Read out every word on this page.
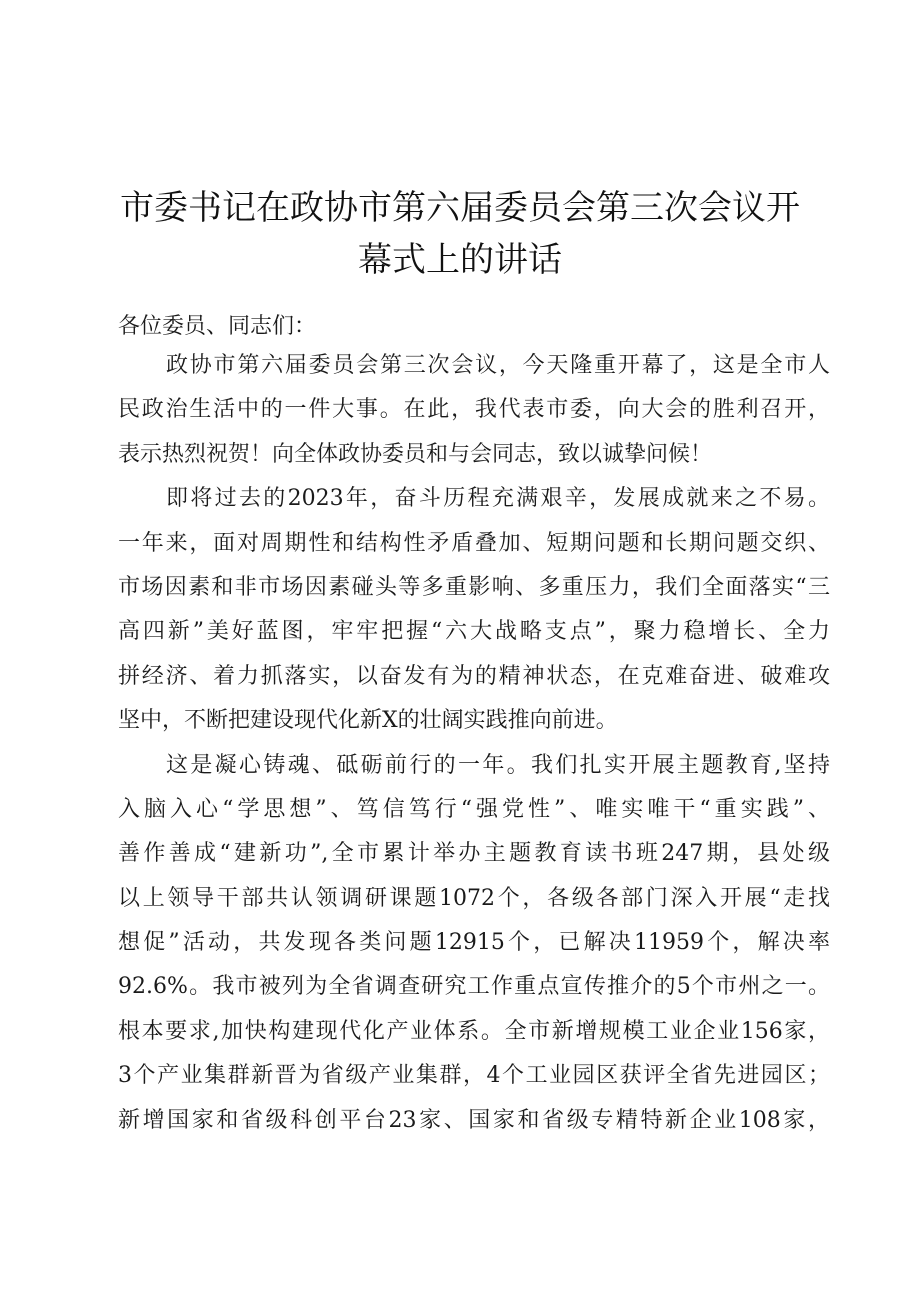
市委书记在政协市第六届委员会第三次会议开
幕式上的讲话
各位委员、同志们：
政协市第六届委员会第三次会议，今天隆重开幕了，这是全市人
民政治生活中的一件大事。在此，我代表市委，向大会的胜利召开，
表示热烈祝贺！向全体政协委员和与会同志，致以诚挚问候！
即将过去的2023年，奋斗历程充满艰辛，发展成就来之不易。
一年来，面对周期性和结构性矛盾叠加、短期问题和长期问题交织、
市场因素和非市场因素碰头等多重影响、多重压力，我们全面落实“三
高四新”美好蓝图，牢牢把握“六大战略支点”，聚力稳增长、全力
拼经济、着力抓落实，以奋发有为的精神状态，在克难奋进、破难攻
坚中，不断把建设现代化新X的壮阔实践推向前进。
这是凝心铸魂、砥砺前行的一年。我们扎实开展主题教育,坚持
入脑入心“学思想”、笃信笃行“强党性”、唯实唯干“重实践”、
善作善成“建新功”,全市累计举办主题教育读书班247期，县处级
以上领导干部共认领调研课题1072个，各级各部门深入开展“走找
想促”活动，共发现各类问题12915个，已解决11959个，解决率
92.6%。我市被列为全省调查研究工作重点宣传推介的5个市州之一。
根本要求,加快构建现代化产业体系。全市新增规模工业企业156家，
3个产业集群新晋为省级产业集群，4个工业园区获评全省先进园区；
新增国家和省级科创平台23家、国家和省级专精特新企业108家，
